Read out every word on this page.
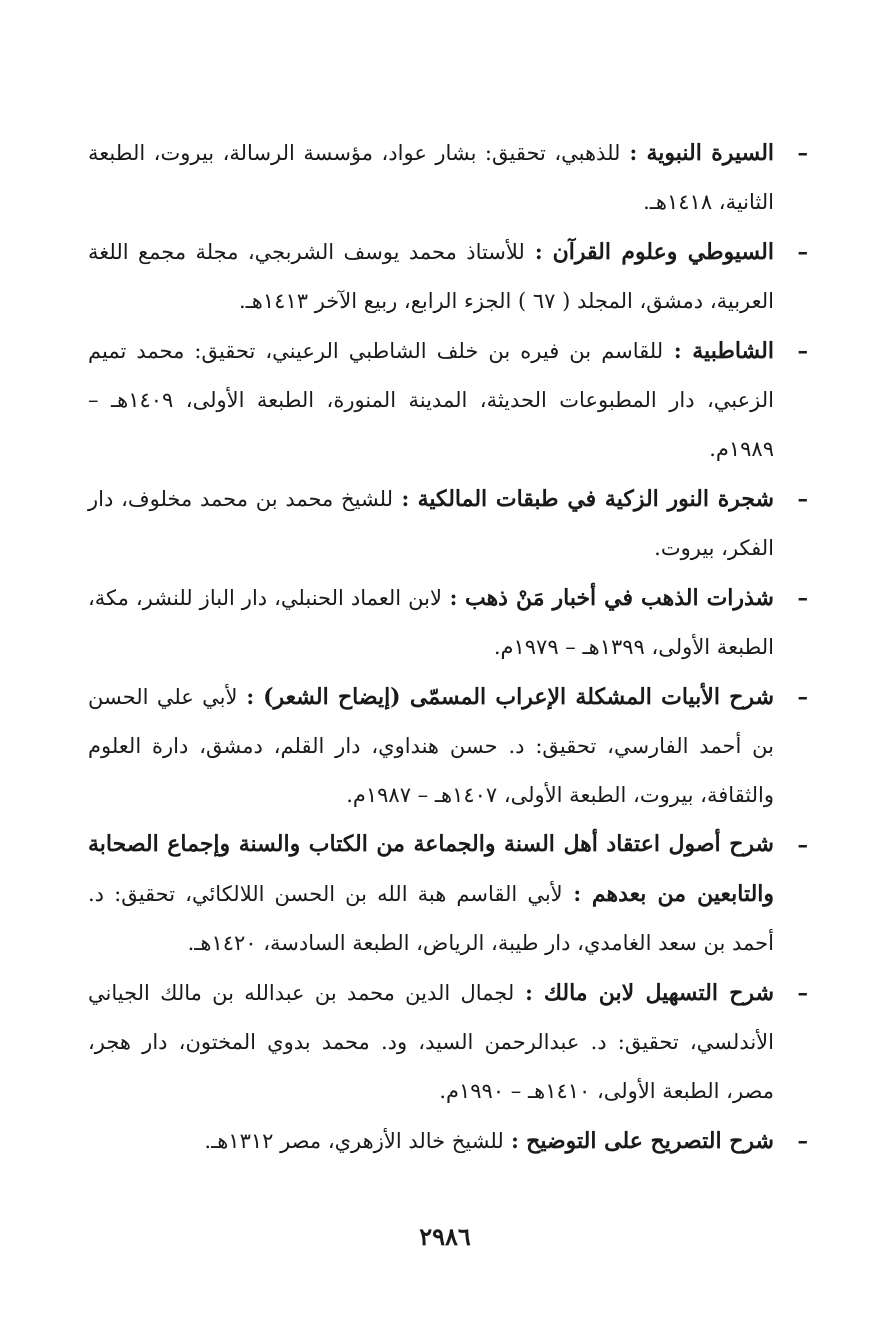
–
السيرة النبوية : للذهبي، تحقيق: بشار عواد، مؤسسة الرسالة، بيروت، الطبعة الثانية، ١٤١٨هـ.

–
السيوطي وعلوم القرآن : للأستاذ محمد يوسف الشربجي، مجلة مجمع اللغة العربية، دمشق، المجلد ( ٦٧ ) الجزء الرابع، ربيع الآخر ١٤١٣هـ.

–
الشاطبية : للقاسم بن فيره بن خلف الشاطبي الرعيني، تحقيق: محمد تميم الزعبي، دار المطبوعات الحديثة، المدينة المنورة، الطبعة الأولى، ١٤٠٩هـ – ١٩٨٩م.

–
شجرة النور الزكية في طبقات المالكية : للشيخ محمد بن محمد مخلوف، دار الفكر، بيروت.

–
شذرات الذهب في أخبار مَنْ ذهب : لابن العماد الحنبلي، دار الباز للنشر، مكة، الطبعة الأولى، ١٣٩٩هـ – ١٩٧٩م.

–
شرح الأبيات المشكلة الإعراب المسمّى (إيضاح الشعر) : لأبي علي الحسن بن أحمد الفارسي، تحقيق: د. حسن هنداوي، دار القلم، دمشق، دارة العلوم والثقافة، بيروت، الطبعة الأولى، ١٤٠٧هـ – ١٩٨٧م.

–
شرح أصول اعتقاد أهل السنة والجماعة من الكتاب والسنة وإجماع الصحابة والتابعين من بعدهم : لأبي القاسم هبة الله بن الحسن اللالكائي، تحقيق: د. أحمد بن سعد الغامدي، دار طيبة، الرياض، الطبعة السادسة، ١٤٢٠هـ.

–
شرح التسهيل لابن مالك : لجمال الدين محمد بن عبدالله بن مالك الجياني الأندلسي، تحقيق: د. عبدالرحمن السيد، ود. محمد بدوي المختون، دار هجر، مصر، الطبعة الأولى، ١٤١٠هـ – ١٩٩٠م.

–
شرح التصريح على التوضيح : للشيخ خالد الأزهري، مصر ١٣١٢هـ.

٢٩٨٦
